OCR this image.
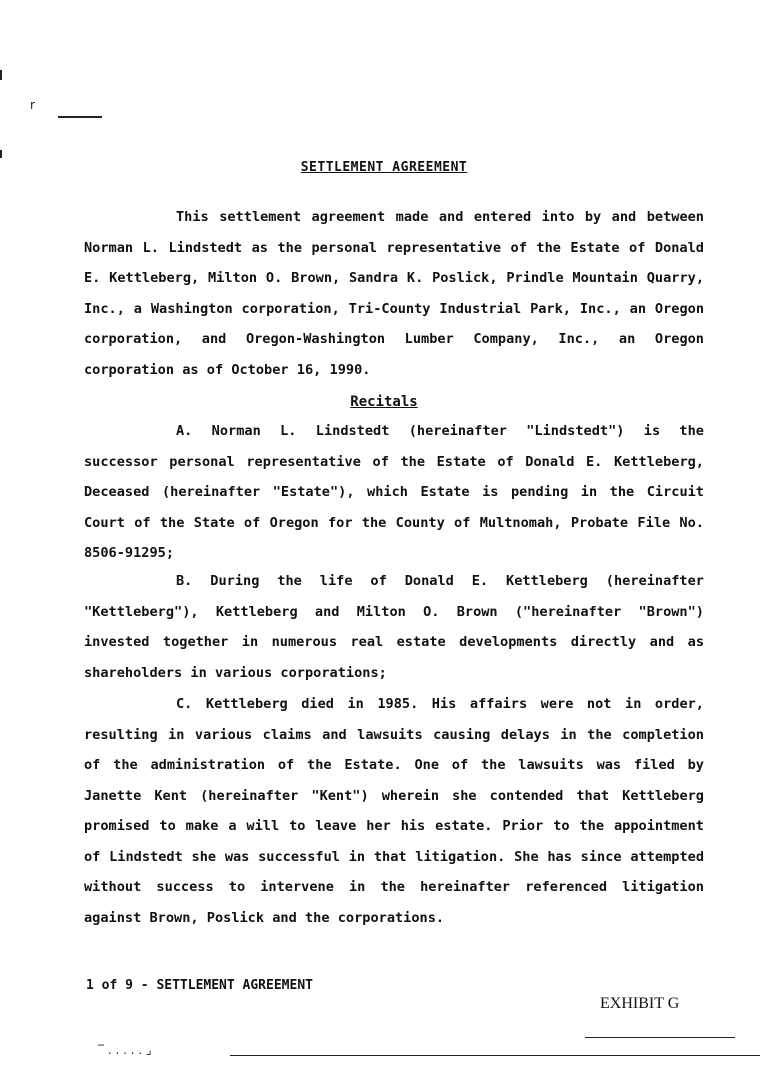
r
SETTLEMENT AGREEMENT
This settlement agreement made and entered into by and between Norman L. Lindstedt as the personal representative of the Estate of Donald E. Kettleberg, Milton O. Brown, Sandra K. Poslick, Prindle Mountain Quarry, Inc., a Washington corporation, Tri-County Industrial Park, Inc., an Oregon corporation, and Oregon-Washington Lumber Company, Inc., an Oregon corporation as of October 16, 1990.
Recitals
A. Norman L. Lindstedt (hereinafter "Lindstedt") is the successor personal representative of the Estate of Donald E. Kettleberg, Deceased (hereinafter "Estate"), which Estate is pending in the Circuit Court of the State of Oregon for the County of Multnomah, Probate File No. 8506-91295;
B. During the life of Donald E. Kettleberg (hereinafter "Kettleberg"), Kettleberg and Milton O. Brown ("hereinafter "Brown") invested together in numerous real estate developments directly and as shareholders in various corporations;
C. Kettleberg died in 1985. His affairs were not in order, resulting in various claims and lawsuits causing delays in the completion of the administration of the Estate. One of the lawsuits was filed by Janette Kent (hereinafter "Kent") wherein she contended that Kettleberg promised to make a will to leave her his estate. Prior to the appointment of Lindstedt she was successful in that litigation. She has since attempted without success to intervene in the hereinafter referenced litigation against Brown, Poslick and the corporations.
1 of 9 - SETTLEMENT AGREEMENT
EXHIBIT G
‾ . . . . . ⌟
